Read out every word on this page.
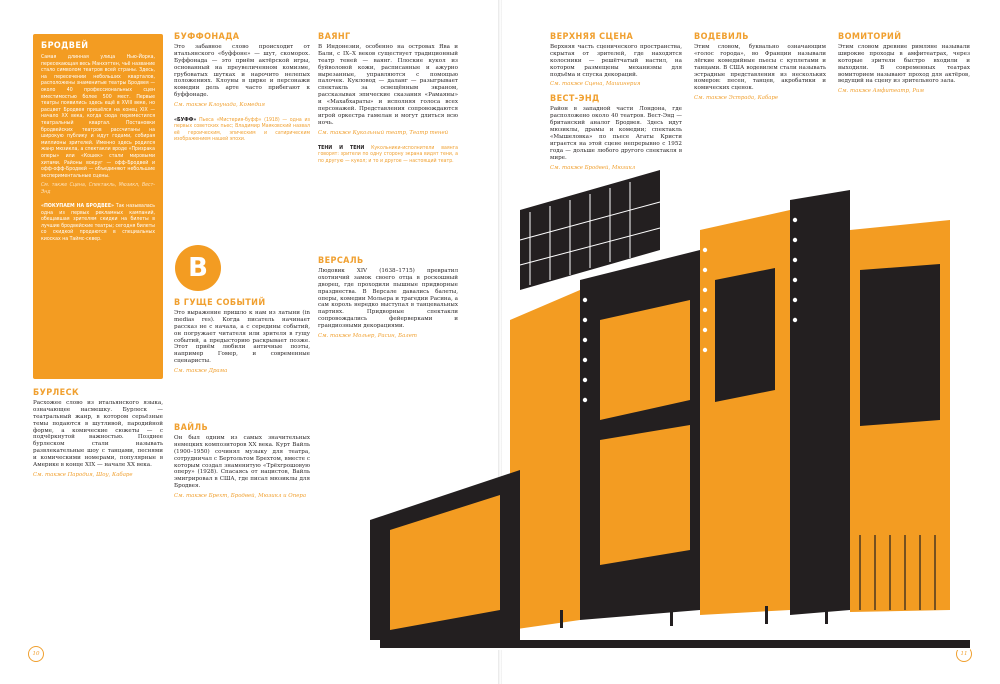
БРОДВЕЙ

Самая длинная улица Нью-Йорка, пересекающая весь Манхэттен, чьё название стало символом театров всей страны. Здесь, на пересечении небольших кварталов, расположены знаменитые театры Бродвея — около 40 профессиональных сцен вместимостью более 500 мест. Первые театры появились здесь ещё в XVIII веке, но расцвет Бродвея пришёлся на конец XIX — начало XX века, когда сюда переместился театральный квартал. Постановки бродвейских театров рассчитаны на широкую публику и идут годами, собирая миллионы зрителей. Именно здесь родился жанр мюзикла, а спектакли вроде «Призрака оперы» или «Кошек» стали мировыми хитами. Районы вокруг — офф-Бродвей и офф-офф-Бродвей — объединяют небольшие экспериментальные сцены.

См. также Сцена, Спектакль, Мюзикл, Вест-Энд

«ПОКУПАЕМ НА БРОДВЕЕ» Так называлась одна из первых рекламных кампаний, обещавшая зрителям скидки на билеты в лучшие бродвейские театры; сегодня билеты со скидкой продаются в специальных киосках на Таймс-сквер.
БУРЛЕСК

Расхожее слово из итальянского языка, означающее насмешку. Бурлеск — театральный жанр, в котором серьёзные темы подаются в шутливой, пародийной форме, а комические сюжеты — с подчёркнутой важностью. Позднее бурлеском стали называть развлекательные шоу с танцами, песнями и комическими номерами, популярные в Америке в конце XIX — начале XX века.

См. также Пародия, Шоу, Кабаре

БУФФОНАДА

Это забавное слово происходит от итальянского «буффоне» — шут, скоморох. Буффонада — это приём актёрской игры, основанный на преувеличенном комизме, грубоватых шутках и нарочито нелепых положениях. Клоуны в цирке и персонажи комедии дель арте часто прибегают к буффонаде.

См. также Клоунада, Комедия

«БУФФ» Пьеса «Мистерия-буфф» (1918) — одна из первых советских пьес; Владимир Маяковский назвал её героическим, эпическим и сатирическим изображением нашей эпохи.
В
В ГУЩЕ СОБЫТИЙ

Это выражение пришло к нам из латыни (in medias res). Когда писатель начинает рассказ не с начала, а с середины событий, он погружает читателя или зрителя в гущу событий, а предысторию раскрывает позже. Этот приём любили античные поэты, например Гомер, и современные сценаристы.

См. также Драма

ВАЙЛЬ

Он был одним из самых значительных немецких композиторов XX века. Курт Вайль (1900–1950) сочинял музыку для театра, сотрудничал с Бертольтом Брехтом, вместе с которым создал знаменитую «Трёхгрошовую оперу» (1928). Спасаясь от нацистов, Вайль эмигрировал в США, где писал мюзиклы для Бродвея.

См. также Брехт, Бродвей, Мюзикл и Опера

ВАЯНГ

В Индонезии, особенно на островах Ява и Бали, с IX–X веков существует традиционный театр теней — ваянг. Плоские кукол из буйволовой кожи, расписанные и ажурно вырезанные, управляются с помощью палочек. Кукловод — даланг — разыгрывает спектакль за освещённым экраном, рассказывая эпические сказания «Рамаяны» и «Махабхараты» и исполняя голоса всех персонажей. Представления сопровождаются игрой оркестра гамелан и могут длиться всю ночь.

См. также Кукольный театр, Театр теней

ТЕНИ И ТЕНИ Кукольники-исполнители ваянга говорят: зрители по одну сторону экрана видят тени, а по другую — кукол; и то и другое — настоящий театр.
ВЕРСАЛЬ

Людовик XIV (1638–1715) превратил охотничий замок своего отца в роскошный дворец, где проходили пышные придворные празднества. В Версале давались балеты, оперы, комедии Мольера и трагедии Расина, а сам король нередко выступал в танцевальных партиях. Придворные спектакли сопровождались фейерверками и грандиозными декорациями.

См. также Мольер, Расин, Балет

10
ВЕРХНЯЯ СЦЕНА

Верхняя часть сценического пространства, скрытая от зрителей, где находятся колосники — решётчатый настил, на котором размещены механизмы для подъёма и спуска декораций.

См. также Сцена, Машинерия

ВЕСТ-ЭНД

Район в западной части Лондона, где расположено около 40 театров. Вест-Энд — британский аналог Бродвея. Здесь идут мюзиклы, драмы и комедии; спектакль «Мышеловка» по пьесе Агаты Кристи играется на этой сцене непрерывно с 1952 года — дольше любого другого спектакля в мире.

См. также Бродвей, Мюзикл

ВОДЕВИЛЬ

Этим словом, буквально означающим «голос города», во Франции называли лёгкие комедийные пьесы с куплетами и танцами. В США водевилем стали называть эстрадные представления из нескольких номеров: песен, танцев, акробатики и комических сценок.

См. также Эстрада, Кабаре

ВОМИТОРИЙ

Этим словом древние римляне называли широкие проходы в амфитеатрах, через которые зрители быстро входили и выходили. В современных театрах вомиторием называют проход для актёров, ведущий на сцену из зрительного зала.

См. также Амфитеатр, Рим

11
